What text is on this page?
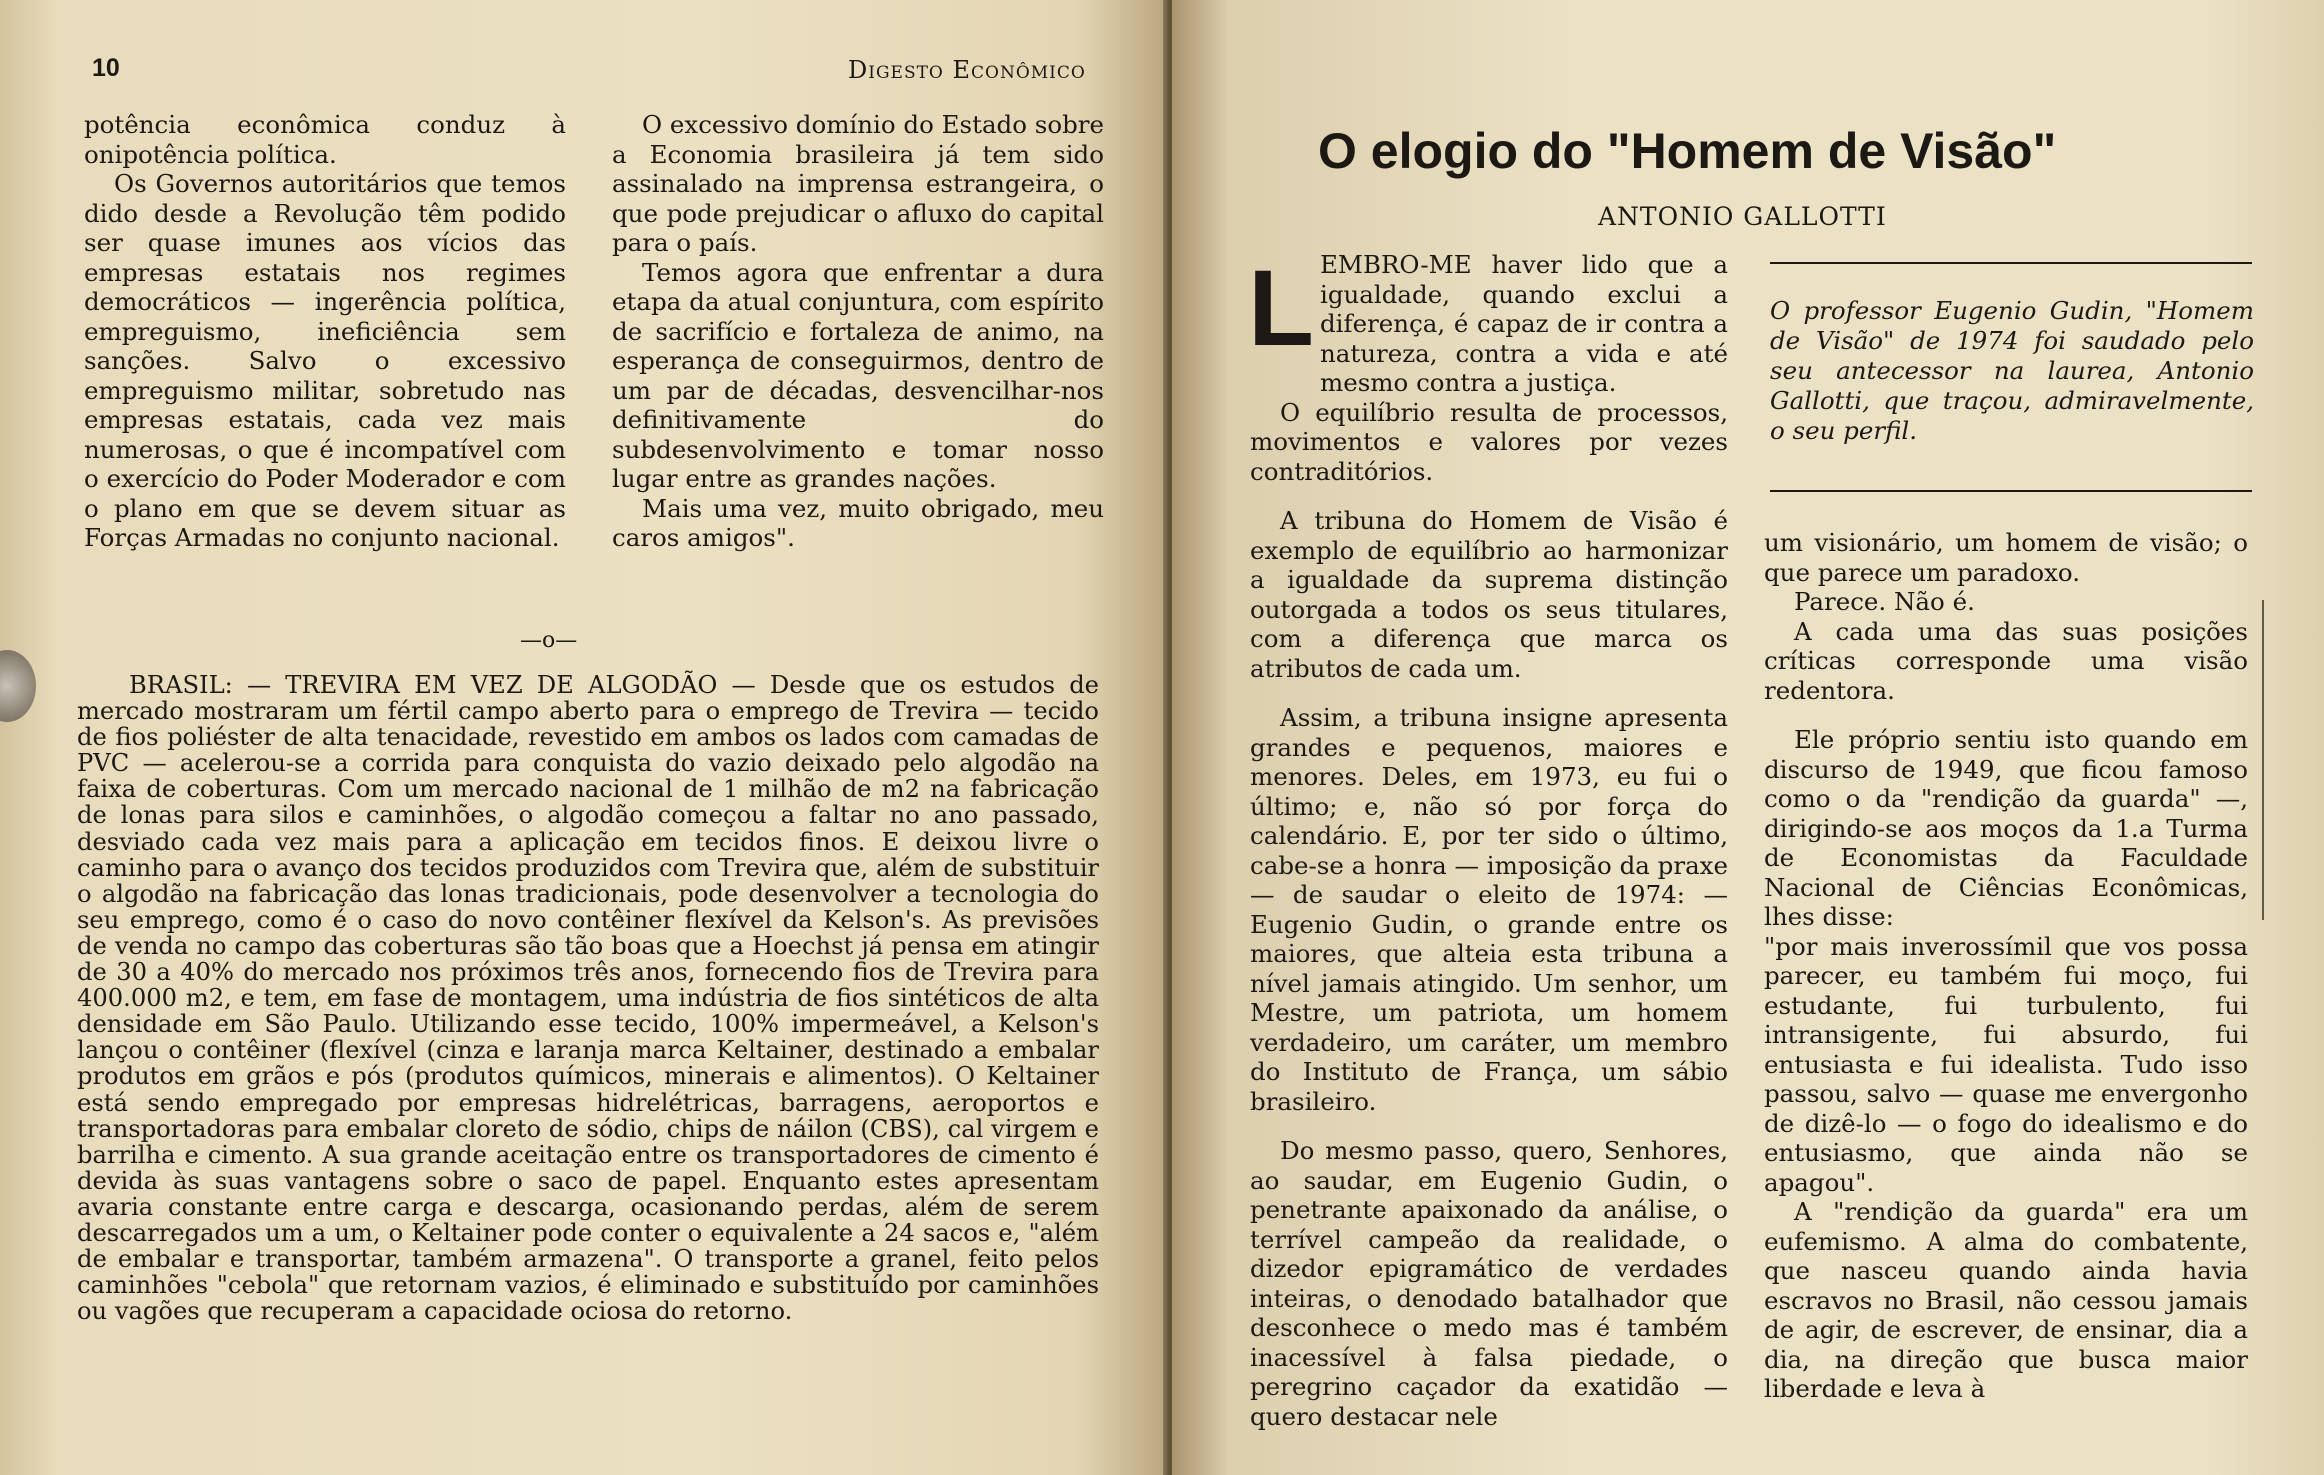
10	Digesto Econômico

potência econômica conduz à onipotência política.

Os Governos autoritários que temos dido desde a Revolução têm podido ser quase imunes aos vícios das empresas estatais nos regimes democráticos — ingerência política, empreguismo, ineficiência sem sanções. Salvo o excessivo empreguismo militar, sobretudo nas empresas estatais, cada vez mais numerosas, o que é incompatível com o exercício do Poder Moderador e com o plano em que se devem situar as Forças Armadas no conjunto nacional.

O excessivo domínio do Estado sobre a Economia brasileira já tem sido assinalado na imprensa estrangeira, o que pode prejudicar o afluxo do capital para o país.

Temos agora que enfrentar a dura etapa da atual conjuntura, com espírito de sacrifício e fortaleza de animo, na esperança de conseguirmos, dentro de um par de décadas, desvencilhar-nos definitivamente do subdesenvolvimento e tomar nosso lugar entre as grandes nações.

Mais uma vez, muito obrigado, meu caros amigos".

—o—

BRASIL: — TREVIRA EM VEZ DE ALGODÃO — Desde que os estudos de mercado mostraram um fértil campo aberto para o emprego de Trevira — tecido de fios poliéster de alta tenacidade, revestido em ambos os lados com camadas de PVC — acelerou-se a corrida para conquista do vazio deixado pelo algodão na faixa de coberturas. Com um mercado nacional de 1 milhão de m2 na fabricação de lonas para silos e caminhões, o algodão começou a faltar no ano passado, desviado cada vez mais para a aplicação em tecidos finos. E deixou livre o caminho para o avanço dos tecidos produzidos com Trevira que, além de substituir o algodão na fabricação das lonas tradicionais, pode desenvolver a tecnologia do seu emprego, como é o caso do novo contêiner flexível da Kelson's. As previsões de venda no campo das coberturas são tão boas que a Hoechst já pensa em atingir de 30 a 40% do mercado nos próximos três anos, fornecendo fios de Trevira para 400.000 m2, e tem, em fase de montagem, uma indústria de fios sintéticos de alta densidade em São Paulo. Utilizando esse tecido, 100% impermeável, a Kelson's lançou o contêiner (flexível (cinza e laranja marca Keltainer, destinado a embalar produtos em grãos e pós (produtos químicos, minerais e alimentos). O Keltainer está sendo empregado por empresas hidrelétricas, barragens, aeroportos e transportadoras para embalar cloreto de sódio, chips de náilon (CBS), cal virgem e barrilha e cimento. A sua grande aceitação entre os transportadores de cimento é devida às suas vantagens sobre o saco de papel. Enquanto estes apresentam avaria constante entre carga e descarga, ocasionando perdas, além de serem descarregados um a um, o Keltainer pode conter o equivalente a 24 sacos e, "além de embalar e transportar, também armazena". O transporte a granel, feito pelos caminhões "cebola" que retornam vazios, é eliminado e substituído por caminhões ou vagões que recuperam a capacidade ociosa do retorno.

O elogio do "Homem de Visão"

ANTONIO GALLOTTI

L EMBRO-ME haver lido que a igualdade, quando exclui a diferença, é capaz de ir contra a natureza, contra a vida e até mesmo contra a justiça.

O equilíbrio resulta de processos, movimentos e valores por vezes contraditórios.

A tribuna do Homem de Visão é exemplo de equilíbrio ao harmonizar a igualdade da suprema distinção outorgada a todos os seus titulares, com a diferença que marca os atributos de cada um.

Assim, a tribuna insigne apresenta grandes e pequenos, maiores e menores. Deles, em 1973, eu fui o último; e, não só por força do calendário. E, por ter sido o último, cabe-se a honra — imposição da praxe — de saudar o eleito de 1974: — Eugenio Gudin, o grande entre os maiores, que alteia esta tribuna a nível jamais atingido. Um senhor, um Mestre, um patriota, um homem verdadeiro, um caráter, um membro do Instituto de França, um sábio brasileiro.

Do mesmo passo, quero, Senhores, ao saudar, em Eugenio Gudin, o penetrante apaixonado da análise, o terrível campeão da realidade, o dizedor epigramático de verdades inteiras, o denodado batalhador que desconhece o medo mas é também inacessível à falsa piedade, o peregrino caçador da exatidão — quero destacar nele

O professor Eugenio Gudin, "Homem de Visão" de 1974 foi saudado pelo seu antecessor na laurea, Antonio Gallotti, que traçou, admiravelmente, o seu perfil.

um visionário, um homem de visão; o que parece um paradoxo.

Parece. Não é.

A cada uma das suas posições críticas corresponde uma visão redentora.

Ele próprio sentiu isto quando em discurso de 1949, que ficou famoso como o da "rendição da guarda" —, dirigindo-se aos moços da 1.a Turma de Economistas da Faculdade Nacional de Ciências Econômicas, lhes disse:

"por mais inverossímil que vos possa parecer, eu também fui moço, fui estudante, fui turbulento, fui intransigente, fui absurdo, fui entusiasta e fui idealista. Tudo isso passou, salvo — quase me envergonho de dizê-lo — o fogo do idealismo e do entusiasmo, que ainda não se apagou".

A "rendição da guarda" era um eufemismo. A alma do combatente, que nasceu quando ainda havia escravos no Brasil, não cessou jamais de agir, de escrever, de ensinar, dia a dia, na direção que busca maior liberdade e leva à
